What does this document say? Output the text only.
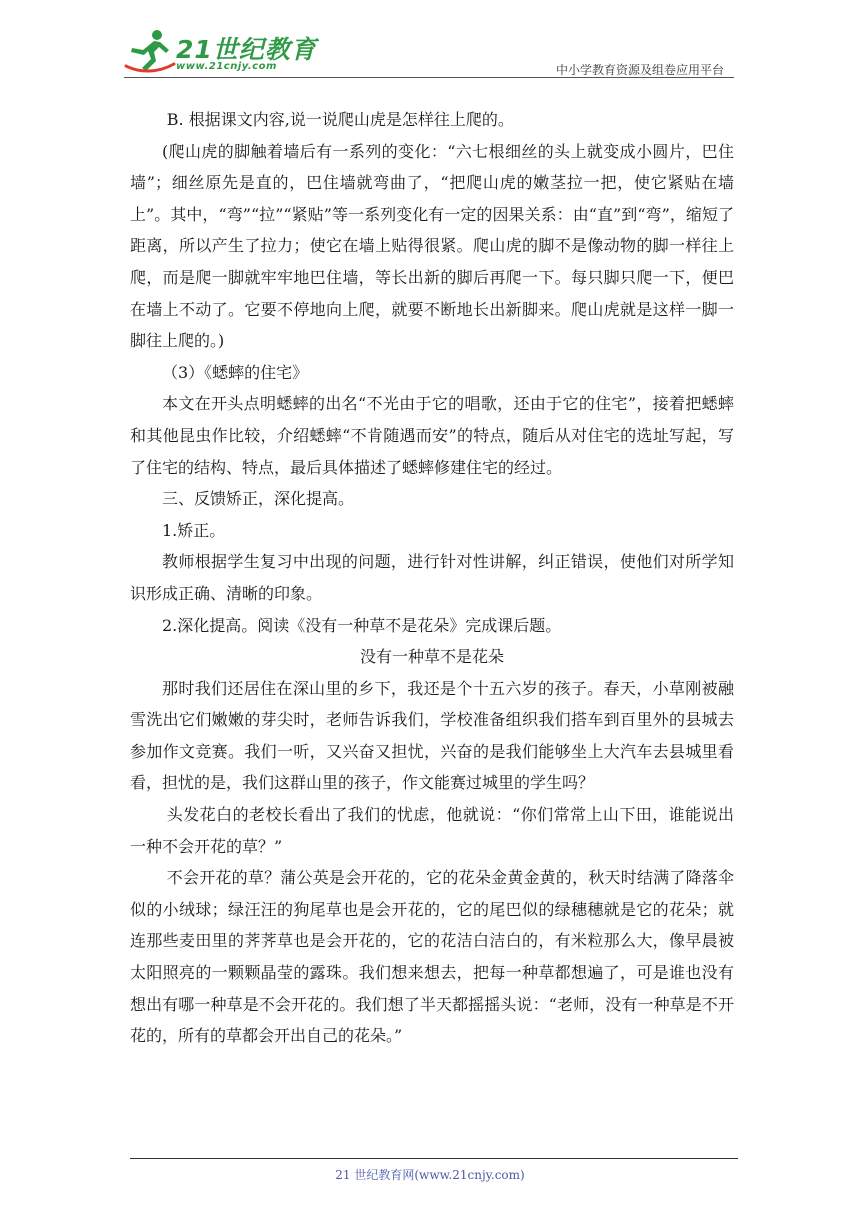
21世纪教育
www.21cnjy.com	中小学教育资源及组卷应用平台

B. 根据课文内容,说一说爬山虎是怎样往上爬的。

(爬山虎的脚触着墙后有一系列的变化：“六七根细丝的头上就变成小圆片，巴住墙”；细丝原先是直的，巴住墙就弯曲了，“把爬山虎的嫩茎拉一把，使它紧贴在墙上”。其中，“弯”“拉”“紧贴”等一系列变化有一定的因果关系：由“直”到“弯”，缩短了距离，所以产生了拉力；使它在墙上贴得很紧。爬山虎的脚不是像动物的脚一样往上爬，而是爬一脚就牢牢地巴住墙，等长出新的脚后再爬一下。每只脚只爬一下，便巴在墙上不动了。它要不停地向上爬，就要不断地长出新脚来。爬山虎就是这样一脚一脚往上爬的。)

（3）《蟋蟀的住宅》

本文在开头点明蟋蟀的出名“不光由于它的唱歌，还由于它的住宅”，接着把蟋蟀和其他昆虫作比较，介绍蟋蟀“不肯随遇而安”的特点，随后从对住宅的选址写起，写了住宅的结构、特点，最后具体描述了蟋蟀修建住宅的经过。

三、反馈矫正，深化提高。

1.矫正。

教师根据学生复习中出现的问题，进行针对性讲解，纠正错误，使他们对所学知识形成正确、清晰的印象。

2.深化提高。阅读《没有一种草不是花朵》完成课后题。

没有一种草不是花朵

那时我们还居住在深山里的乡下，我还是个十五六岁的孩子。春天，小草刚被融雪洗出它们嫩嫩的芽尖时，老师告诉我们，学校准备组织我们搭车到百里外的县城去参加作文竞赛。我们一听，又兴奋又担忧，兴奋的是我们能够坐上大汽车去县城里看看，担忧的是，我们这群山里的孩子，作文能赛过城里的学生吗？

头发花白的老校长看出了我们的忧虑，他就说：“你们常常上山下田，谁能说出一种不会开花的草？”

不会开花的草？蒲公英是会开花的，它的花朵金黄金黄的，秋天时结满了降落伞似的小绒球；绿汪汪的狗尾草也是会开花的，它的尾巴似的绿穗穗就是它的花朵；就连那些麦田里的荠荠草也是会开花的，它的花洁白洁白的，有米粒那么大，像早晨被太阳照亮的一颗颗晶莹的露珠。我们想来想去，把每一种草都想遍了，可是谁也没有想出有哪一种草是不会开花的。我们想了半天都摇摇头说：“老师，没有一种草是不开花的，所有的草都会开出自己的花朵。”

21 世纪教育网(www.21cnjy.com)
